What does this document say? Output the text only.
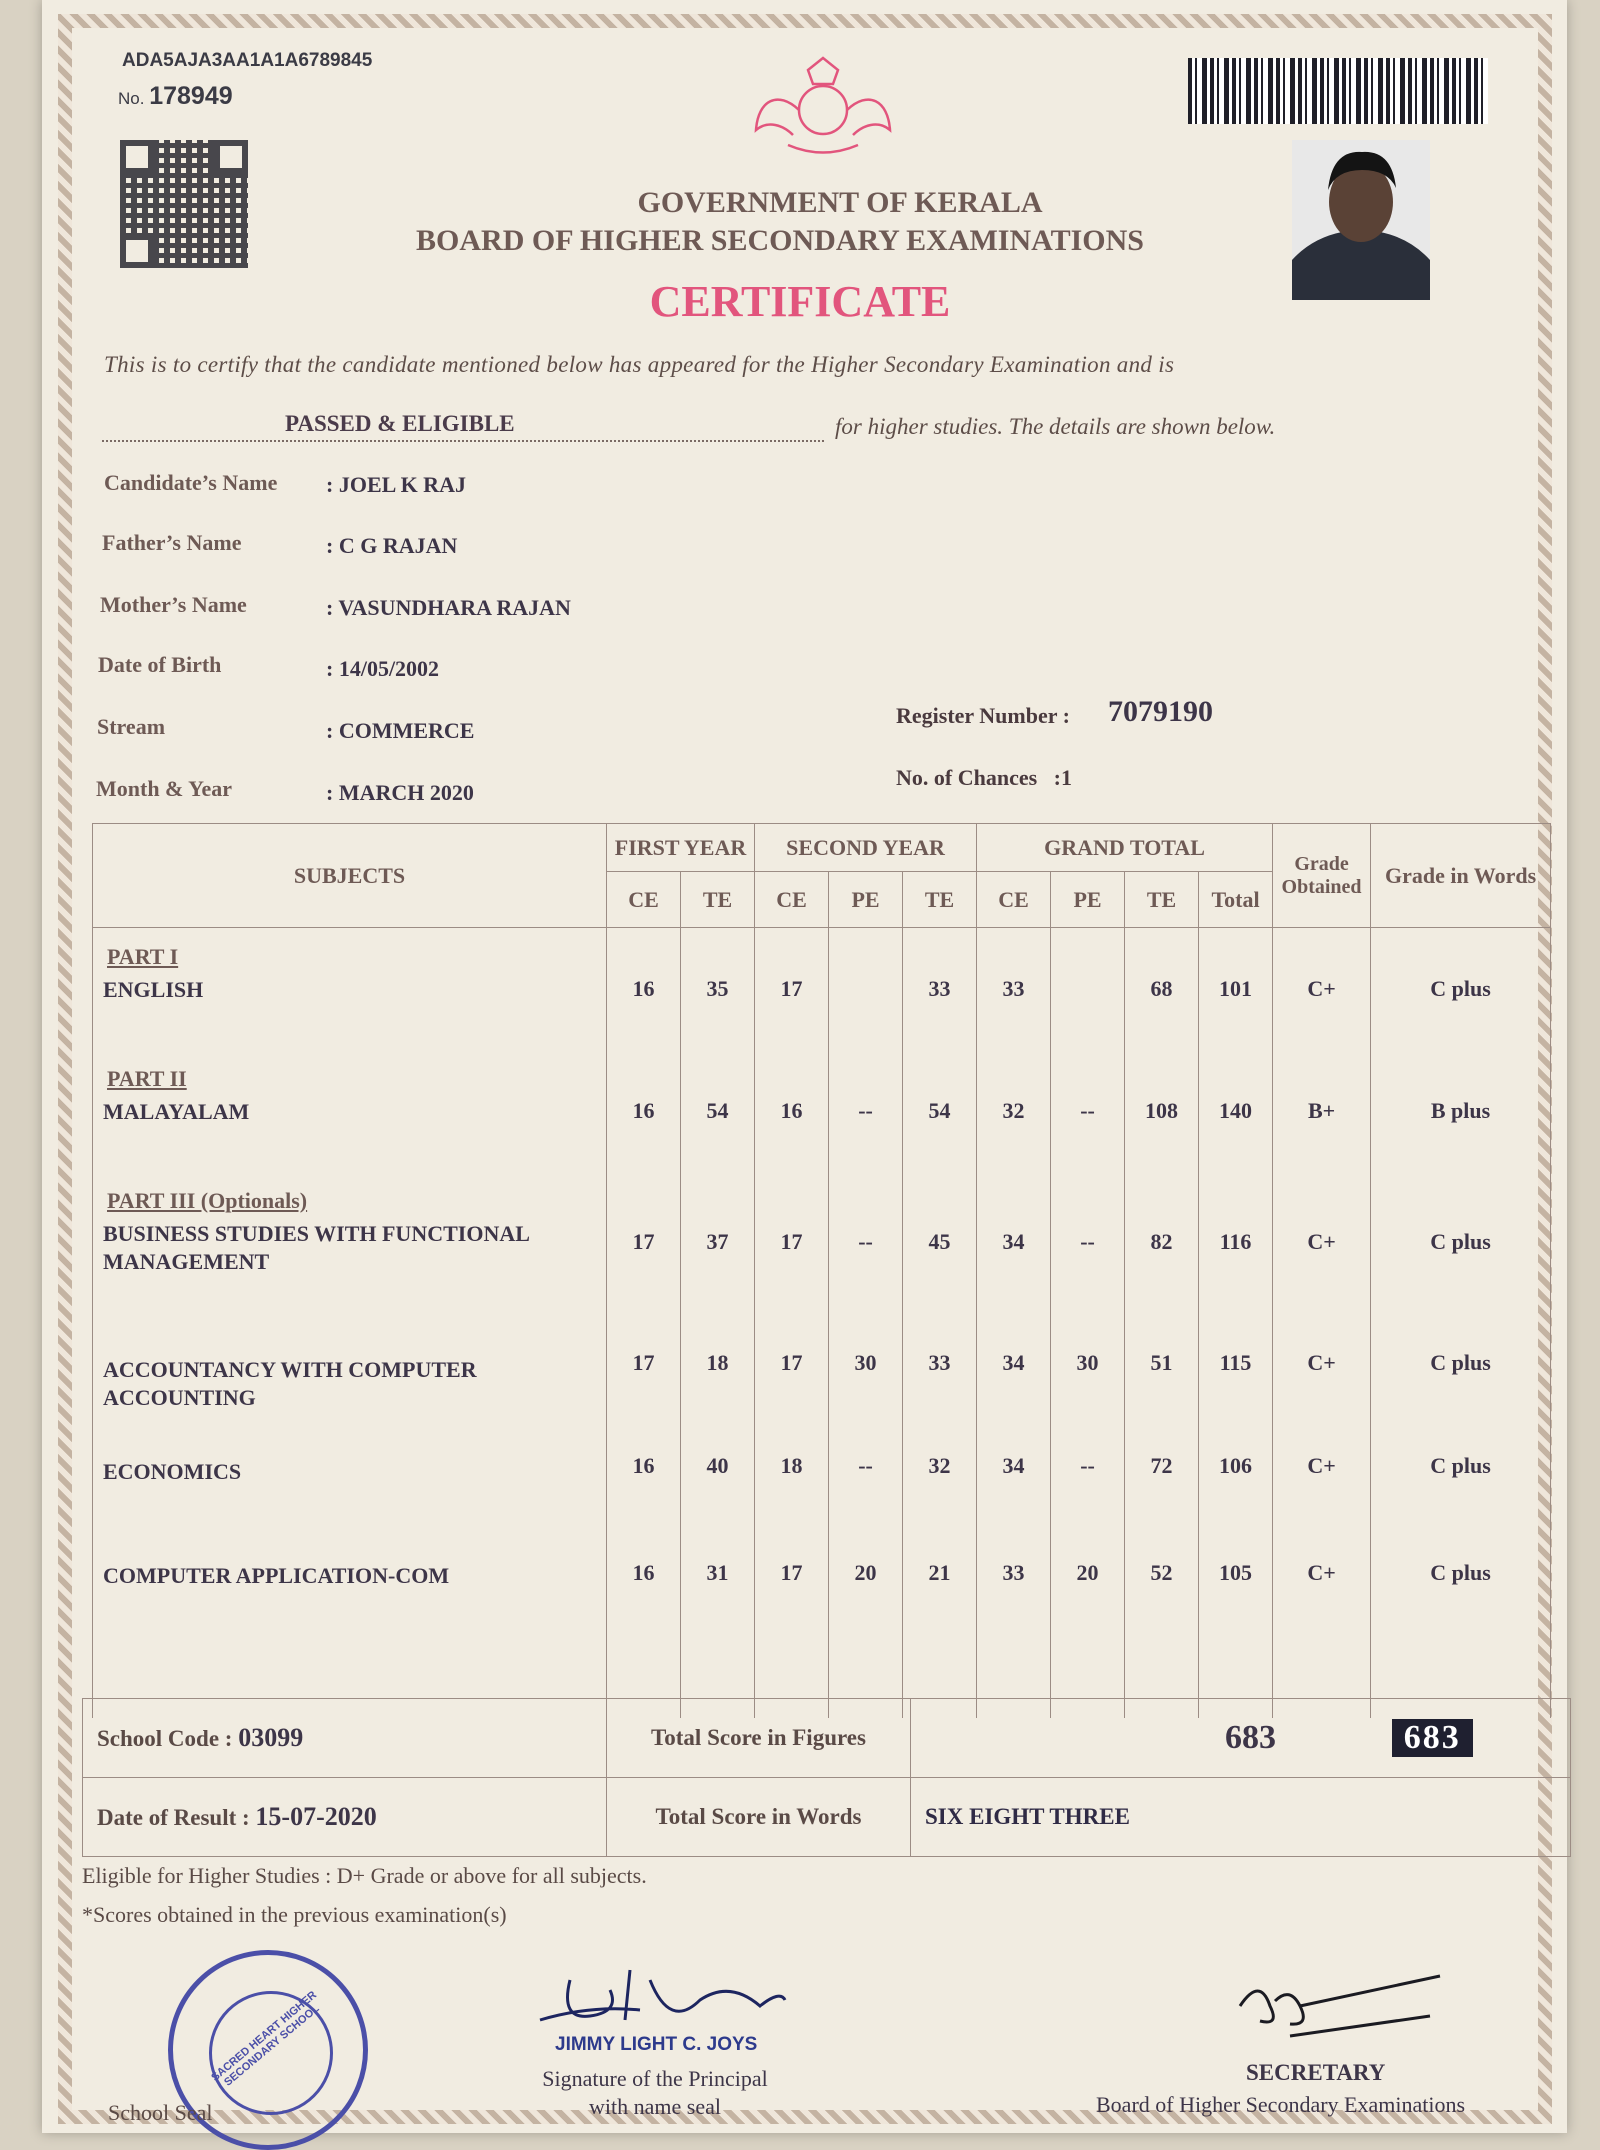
ADA5AJA3AA1A1A6789845
No. 178949
GOVERNMENT OF KERALA
BOARD OF HIGHER SECONDARY EXAMINATIONS
CERTIFICATE
This is to certify that the candidate mentioned below has appeared for the Higher Secondary Examination and is
PASSED & ELIGIBLE	for higher studies. The details are shown below.
Candidate’s Name : JOEL K RAJ
Father’s Name	: C G RAJAN
Mother’s Name	: VASUNDHARA RAJAN
Date of Birth	: 14/05/2002
Stream	: COMMERCE
Month & Year	: MARCH 2020
Register Number : 7079190
No. of Chances :1
SUBJECTS	FIRST YEAR		SECOND YEAR			GRAND TOTAL				Grade Obtained	Grade in Words
	CE	TE	CE	PE	TE	CE	PE	TE	Total		

PART I
ENGLISH	16	35	17		33	33		68	101	C+	C plus

PART II
MALAYALAM	16	54	16	--	54	32	--	108	140	B+	B plus

PART III (Optionals)
BUSINESS STUDIES WITH FUNCTIONAL MANAGEMENT	17	37	17	--	45	34	--	82	116	C+	C plus

ACCOUNTANCY WITH COMPUTER ACCOUNTING	17	18	17	30	33	34	30	51	115	C+	C plus

ECONOMICS	16	40	18	--	32	34	--	72	106	C+	C plus

COMPUTER APPLICATION-COM	16	31	17	20	21	33	20	52	105	C+	C plus

School Code : 03099	Total Score in Figures	683 683
Date of Result : 15-07-2020	Total Score in Words	SIX EIGHT THREE
Eligible for Higher Studies : D+ Grade or above for all subjects.
*Scores obtained in the previous examination(s)
SACRED HEART HIGHER SECONDARY SCHOOL
School Seal
JIMMY LIGHT C. JOYS
Signature of the Principal
with name seal
SECRETARY
Board of Higher Secondary Examinations
